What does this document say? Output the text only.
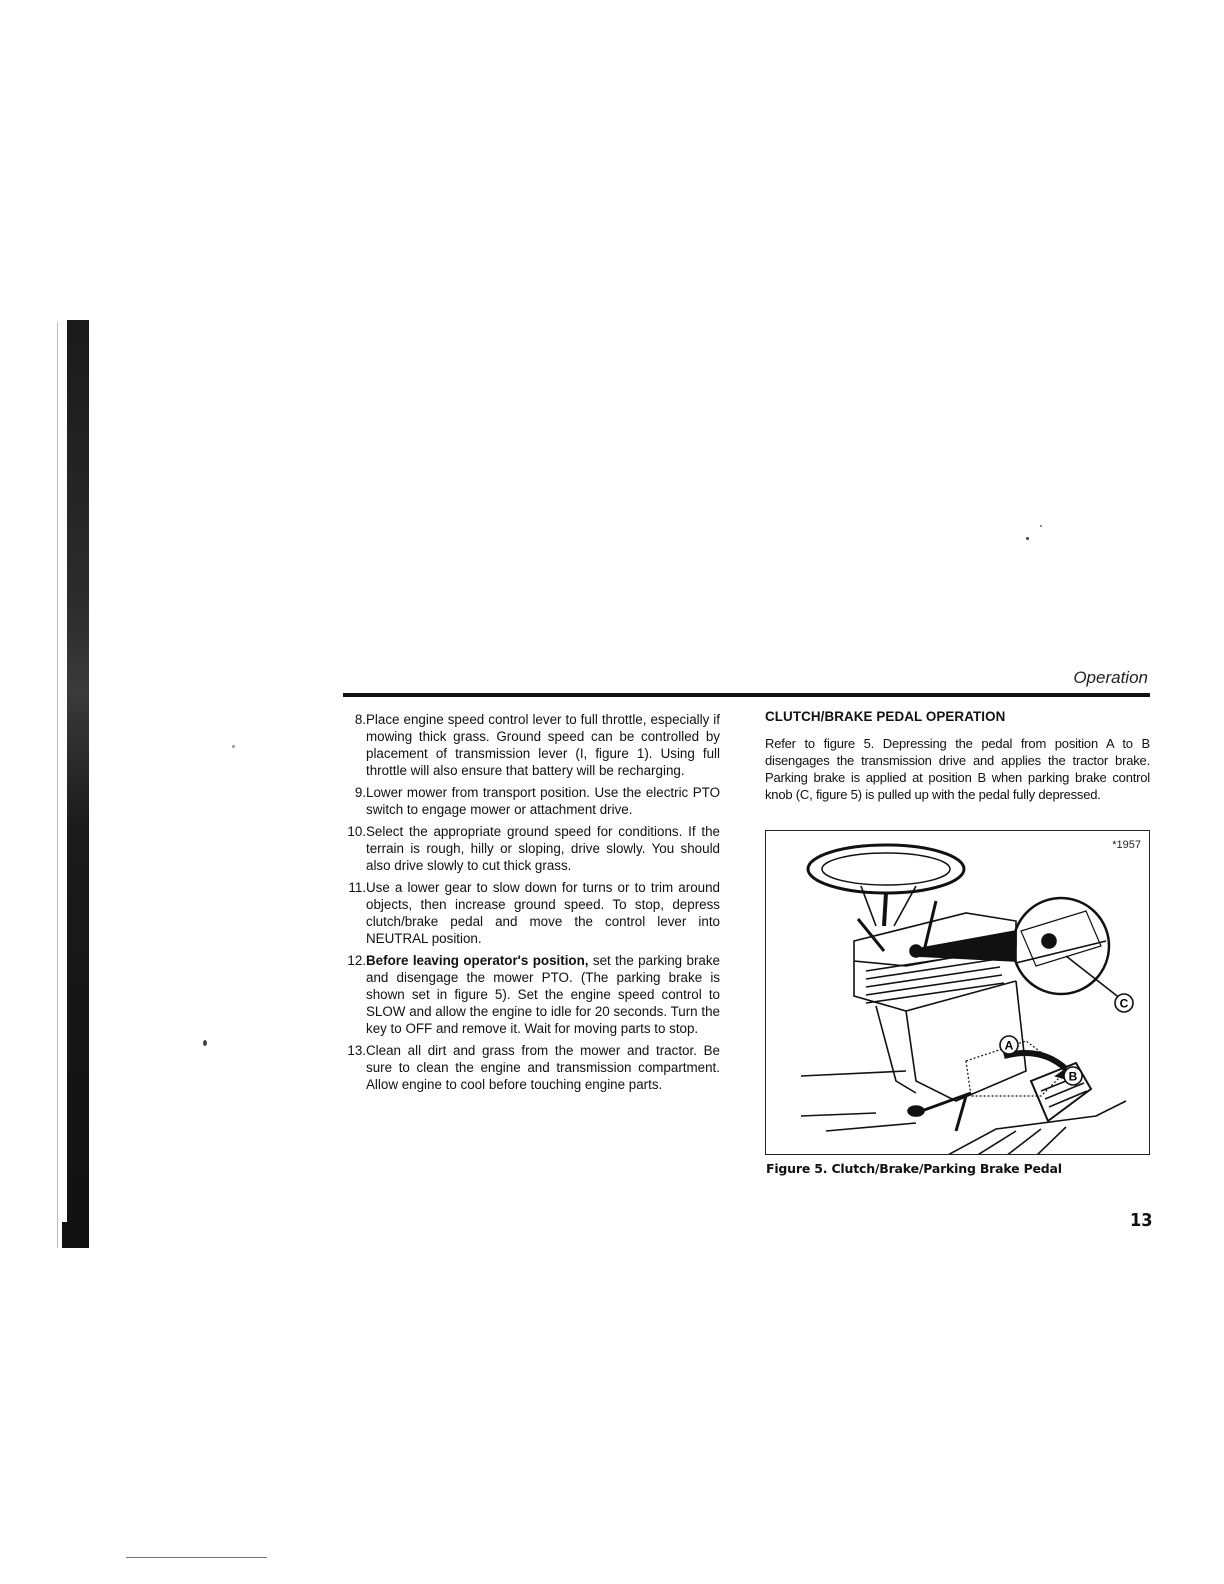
Operation
8. Place engine speed control lever to full throttle, especially if mowing thick grass. Ground speed can be controlled by placement of transmission lever (I, figure 1). Using full throttle will also ensure that battery will be recharging.
9. Lower mower from transport position. Use the electric PTO switch to engage mower or attachment drive.
10. Select the appropriate ground speed for conditions. If the terrain is rough, hilly or sloping, drive slowly. You should also drive slowly to cut thick grass.
11. Use a lower gear to slow down for turns or to trim around objects, then increase ground speed. To stop, depress clutch/brake pedal and move the control lever into NEUTRAL position.
12. Before leaving operator's position, set the parking brake and disengage the mower PTO. (The parking brake is shown set in figure 5). Set the engine speed control to SLOW and allow the engine to idle for 20 seconds. Turn the key to OFF and remove it. Wait for moving parts to stop.
13. Clean all dirt and grass from the mower and tractor. Be sure to clean the engine and transmission compartment. Allow engine to cool before touching engine parts.
CLUTCH/BRAKE PEDAL OPERATION

Refer to figure 5. Depressing the pedal from position A to B disengages the transmission drive and applies the tractor brake. Parking brake is applied at position B when parking brake control knob (C, figure 5) is pulled up with the pedal fully depressed.

C
A
B
*1957
Figure 5. Clutch/Brake/Parking Brake Pedal
13
